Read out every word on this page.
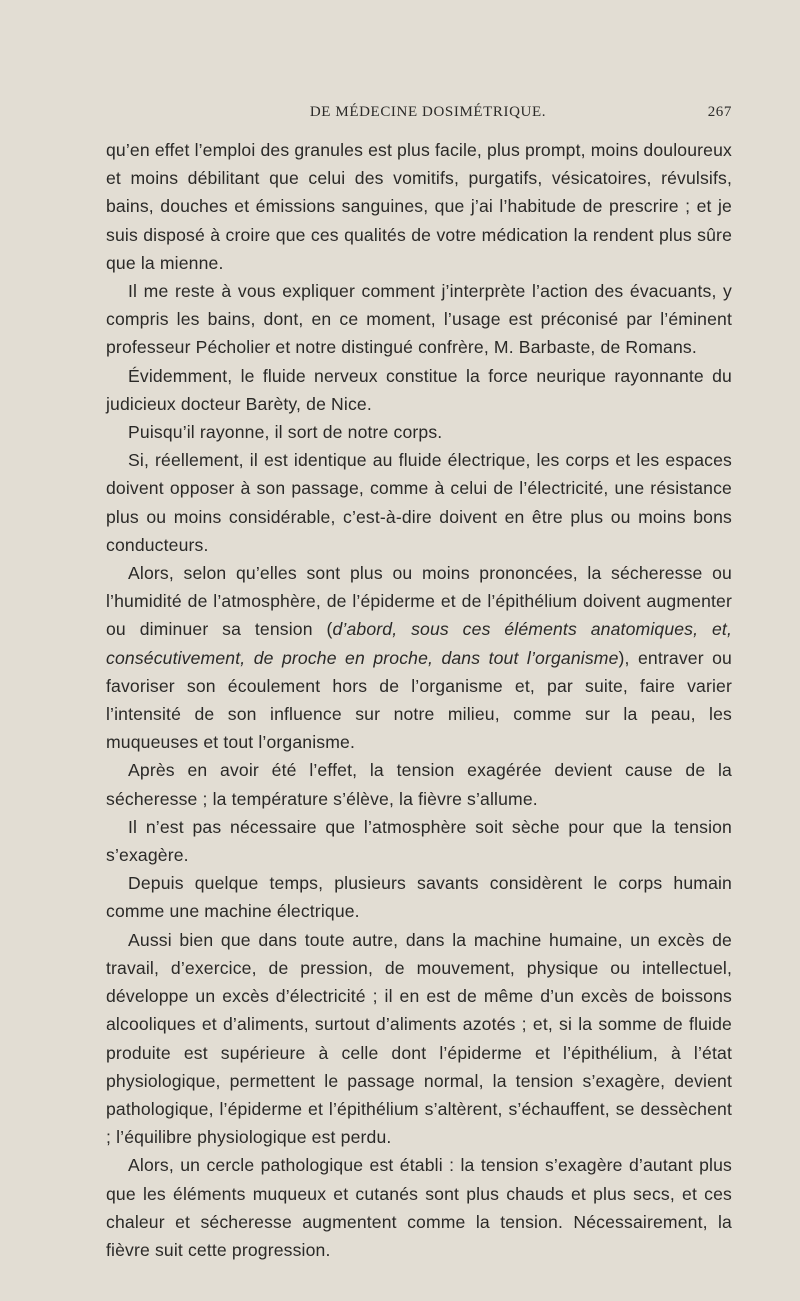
DE MÉDECINE DOSIMÉTRIQUE.	267

qu’en effet l’emploi des granules est plus facile, plus prompt, moins douloureux et moins débilitant que celui des vomitifs, purgatifs, vésicatoires, révulsifs, bains, douches et émissions sanguines, que j’ai l’habitude de prescrire ; et je suis disposé à croire que ces qualités de votre médication la rendent plus sûre que la mienne.

Il me reste à vous expliquer comment j’interprète l’action des évacuants, y compris les bains, dont, en ce moment, l’usage est préconisé par l’éminent professeur Pécholier et notre distingué confrère, M. Barbaste, de Romans.

Évidemment, le fluide nerveux constitue la force neurique rayonnante du judicieux docteur Barèty, de Nice.

Puisqu’il rayonne, il sort de notre corps.

Si, réellement, il est identique au fluide électrique, les corps et les espaces doivent opposer à son passage, comme à celui de l’électricité, une résistance plus ou moins considérable, c’est-à-dire doivent en être plus ou moins bons conducteurs.

Alors, selon qu’elles sont plus ou moins prononcées, la sécheresse ou l’humidité de l’atmosphère, de l’épiderme et de l’épithélium doivent augmenter ou diminuer sa tension (d’abord, sous ces éléments anatomiques, et, consécutivement, de proche en proche, dans tout l’organisme), entraver ou favoriser son écoulement hors de l’organisme et, par suite, faire varier l’intensité de son influence sur notre milieu, comme sur la peau, les muqueuses et tout l’organisme.

Après en avoir été l’effet, la tension exagérée devient cause de la sécheresse ; la température s’élève, la fièvre s’allume.

Il n’est pas nécessaire que l’atmosphère soit sèche pour que la tension s’exagère.

Depuis quelque temps, plusieurs savants considèrent le corps humain comme une machine électrique.

Aussi bien que dans toute autre, dans la machine humaine, un excès de travail, d’exercice, de pression, de mouvement, physique ou intellectuel, développe un excès d’électricité ; il en est de même d’un excès de boissons alcooliques et d’aliments, surtout d’aliments azotés ; et, si la somme de fluide produite est supérieure à celle dont l’épiderme et l’épithélium, à l’état physiologique, permettent le passage normal, la tension s’exagère, devient pathologique, l’épiderme et l’épithélium s’altèrent, s’échauffent, se dessèchent ; l’équilibre physiologique est perdu.

Alors, un cercle pathologique est établi : la tension s’exagère d’autant plus que les éléments muqueux et cutanés sont plus chauds et plus secs, et ces chaleur et sécheresse augmentent comme la tension. Nécessairement, la fièvre suit cette progression.
